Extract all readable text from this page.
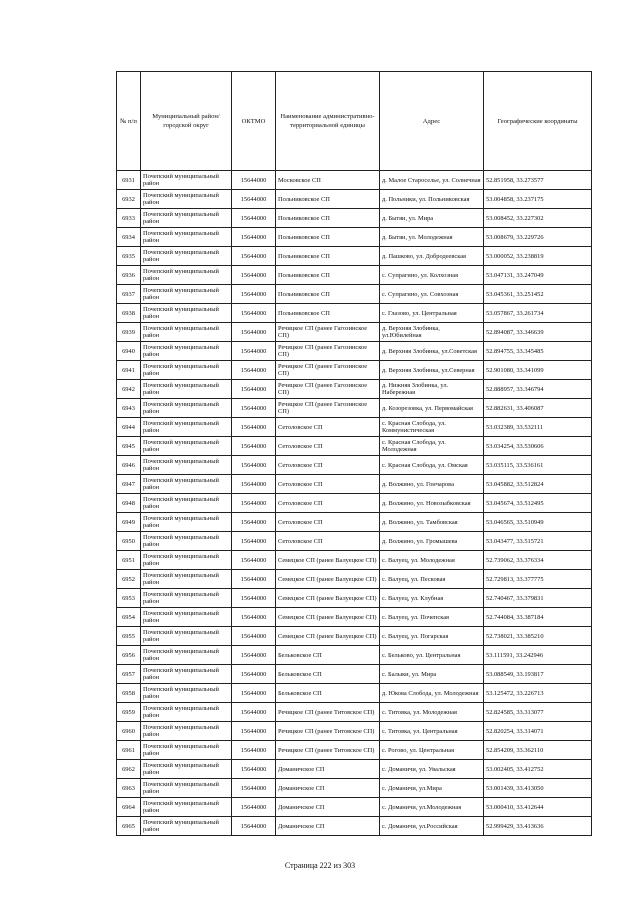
№ п/п	Муниципальный район/городской округ	ОКТМО	Наименование административно-территориальной единицы	Адрес	Географические координаты
6931	Почепский муниципальный район	15644000	Московское СП	д. Малое Староселье, ул. Солнечная	52.851958, 33.273577
6932	Почепский муниципальный район	15644000	Польниковское СП	д. Польники, ул. Польниковская	53.004858, 33.237175
6933	Почепский муниципальный район	15644000	Польниковское СП	д. Бытяи, ул. Мира	53.008452, 33.227302
6934	Почепский муниципальный район	15644000	Польниковское СП	д. Бытяи, ул. Молодежная	53.008679, 33.229726
6935	Почепский муниципальный район	15644000	Польниковское СП	д. Пашково, ул. Добродеевская	53.000052, 33.238819
6936	Почепский муниципальный район	15644000	Польниковское СП	с. Супрагино, ул. Колхозная	53.047131, 33.247049
6937	Почепский муниципальный район	15644000	Польниковское СП	с. Супрагино, ул. Совхозная	53.045361, 33.251452
6938	Почепский муниципальный район	15644000	Польниковское СП	с. Глазово, ул. Центральная	53.057867, 33.261734
6939	Почепский муниципальный район	15644000	Речицкое СП (ранее Гагозинское СП)	д. Верхняя Злобинка, ул.Юбилейная	52.894087, 33.346639
6940	Почепский муниципальный район	15644000	Речицкое СП (ранее Гагозинское СП)	д. Верхняя Злобинка, ул.Советская	52.894755, 33.345485
6941	Почепский муниципальный район	15644000	Речицкое СП (ранее Гагозинское СП)	д. Верхняя Злобинка, ул.Северная	52.901080, 33.341099
6942	Почепский муниципальный район	15644000	Речицкое СП (ранее Гагозинское СП)	д. Нижняя Злобинка, ул. Набережная	52.888957, 33.346794
6943	Почепский муниципальный район	15644000	Речицкое СП (ранее Гагозинское СП)	д. Козорезовка, ул. Первомайская	52.882631, 33.406087
6944	Почепский муниципальный район	15644000	Сетоловское СП	с. Красная Слобода, ул. Коммунистическая	53.032389, 33.532111
6945	Почепский муниципальный район	15644000	Сетоловское СП	с. Красная Слобода, ул. Молодежная	53.034254, 33.530606
6946	Почепский муниципальный район	15644000	Сетоловское СП	с. Красная Слобода, ул. Омская	53.035115, 33.536161
6947	Почепский муниципальный район	15644000	Сетоловское СП	д. Волжино, ул. Гончарова	53.045882, 33.512824
6948	Почепский муниципальный район	15644000	Сетоловское СП	д. Волжино, ул. Новозыбковская	53.045674, 33.512495
6949	Почепский муниципальный район	15644000	Сетоловское СП	д. Волжино, ул. Тамбовская	53.046565, 33.510949
6950	Почепский муниципальный район	15644000	Сетоловское СП	д. Волжино, ул. Громышева	53.043477, 33.515721
6951	Почепский муниципальный район	15644000	Семецкое СП (ранее Валуецкое СП)	с. Валуец, ул. Молодежная	52.739062, 33.376334
6952	Почепский муниципальный район	15644000	Семецкое СП (ранее Валуецкое СП)	с. Валуец, ул. Песковая	52.729813, 33.377775
6953	Почепский муниципальный район	15644000	Семецкое СП (ранее Валуецкое СП)	с. Валуец, ул. Клубная	52.740467, 33.379831
6954	Почепский муниципальный район	15644000	Семецкое СП (ранее Валуецкое СП)	с. Валуец, ул. Почепская	52.744084, 33.387184
6955	Почепский муниципальный район	15644000	Семецкое СП (ранее Валуецкое СП)	с. Валуец, ул. Погарская	52.738021, 33.385210
6956	Почепский муниципальный район	15644000	Бельковское СП	с. Бельково, ул. Центральная	53.111591, 33.242946
6957	Почепский муниципальный район	15644000	Бельковское СП	с. Балыки, ул. Мира	53.088549, 33.193817
6958	Почепский муниципальный район	15644000	Бельковское СП	д. Юкова Слобода, ул. Молодежная	53.125472, 33.226713
6959	Почепский муниципальный район	15644000	Речицкое СП (ранее Титовское СП)	с. Титовка, ул. Молодежная	52.824585, 33.313077
6960	Почепский муниципальный район	15644000	Речицкое СП (ранее Титовское СП)	с. Титовка, ул. Центральная	52.820254, 33.314071
6961	Почепский муниципальный район	15644000	Речицкое СП (ранее Титовское СП)	с. Рогово, ул. Центральная	52.854209, 33.362110
6962	Почепский муниципальный район	15644000	Доманичское СП	с. Доманичи, ул. Увальская	53.002405, 33.412752
6963	Почепский муниципальный район	15644000	Доманичское СП	с. Доманичи, ул.Мира	53.001439, 33.413050
6964	Почепский муниципальный район	15644000	Доманичское СП	с. Доманичи, ул.Молодежная	53.000410, 33.412644
6965	Почепский муниципальный район	15644000	Доманичское СП	с. Доманичи, ул.Российская	52.999429, 33.413636
Страница 222 из 303
